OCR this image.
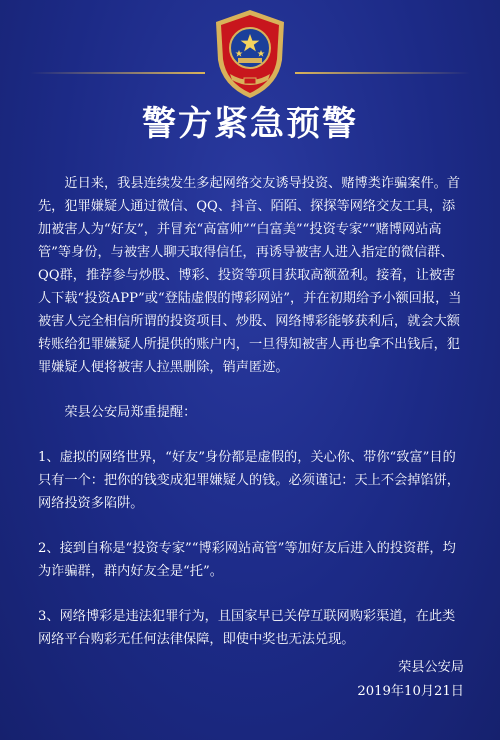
警方紧急预警

近日来，我县连续发生多起网络交友诱导投资、赌博类诈骗案件。首先，犯罪嫌疑人通过微信、QQ、抖音、陌陌、探探等网络交友工具，添加被害人为“好友”，并冒充“高富帅”“白富美”“投资专家”“赌博网站高管”等身份，与被害人聊天取得信任，再诱导被害人进入指定的微信群、QQ群，推荐参与炒股、博彩、投资等项目获取高额盈利。接着，让被害人下载“投资APP”或“登陆虚假的博彩网站”，并在初期给予小额回报，当被害人完全相信所谓的投资项目、炒股、网络博彩能够获利后，就会大额转账给犯罪嫌疑人所提供的账户内，一旦得知被害人再也拿不出钱后，犯罪嫌疑人便将被害人拉黑删除，销声匿迹。

荣县公安局郑重提醒：

1、虚拟的网络世界，“好友”身份都是虚假的，关心你、带你“致富”目的只有一个：把你的钱变成犯罪嫌疑人的钱。必须谨记：天上不会掉馅饼，网络投资多陷阱。

2、接到自称是“投资专家”“博彩网站高管”等加好友后进入的投资群，均为诈骗群，群内好友全是“托”。

3、网络博彩是违法犯罪行为，且国家早已关停互联网购彩渠道，在此类网络平台购彩无任何法律保障，即使中奖也无法兑现。

荣县公安局
2019年10月21日
